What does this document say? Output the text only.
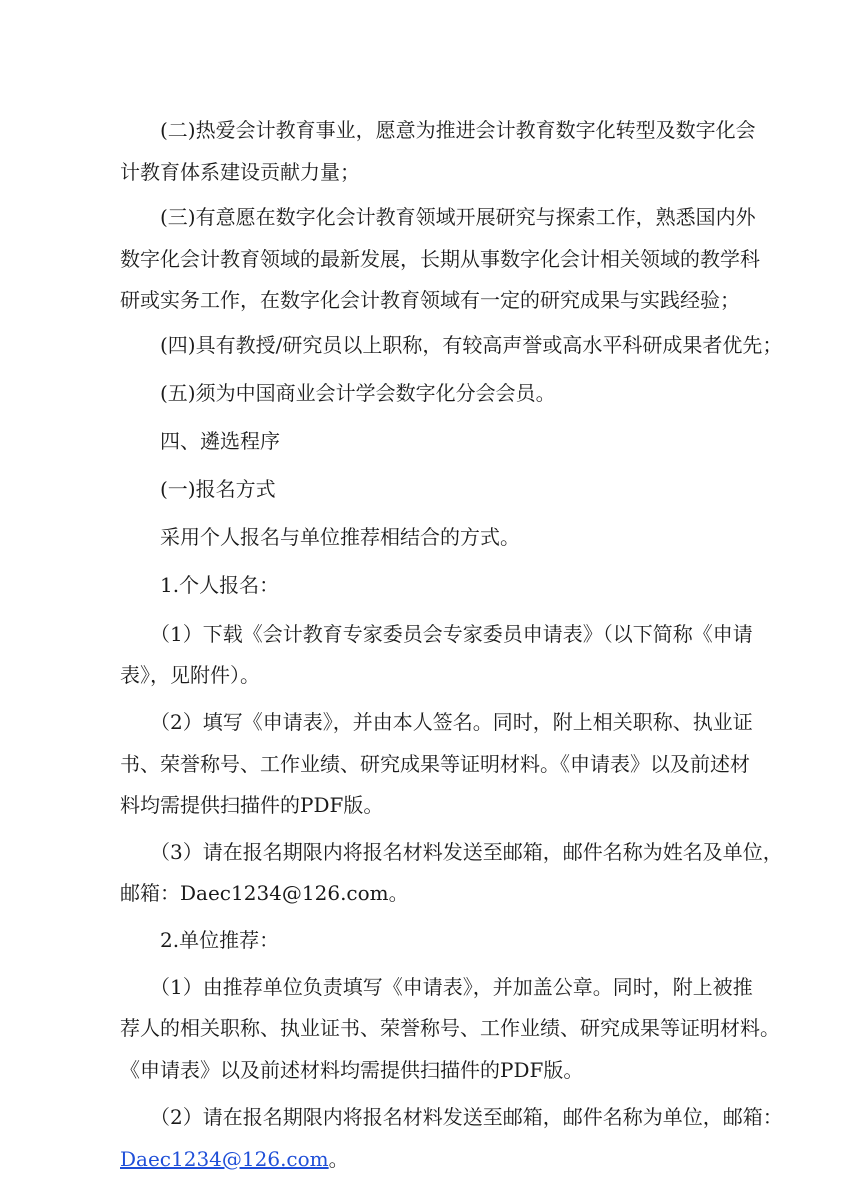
(二)热爱会计教育事业，愿意为推进会计教育数字化转型及数字化会

计教育体系建设贡献力量；

(三)有意愿在数字化会计教育领域开展研究与探索工作，熟悉国内外

数字化会计教育领域的最新发展，长期从事数字化会计相关领域的教学科

研或实务工作，在数字化会计教育领域有一定的研究成果与实践经验；

(四)具有教授/研究员以上职称，有较高声誉或高水平科研成果者优先；

(五)须为中国商业会计学会数字化分会会员。

四、遴选程序

(一)报名方式

采用个人报名与单位推荐相结合的方式。

1.个人报名：

（1）下载《会计教育专家委员会专家委员申请表》（以下简称《申请

表》，见附件）。

（2）填写《申请表》，并由本人签名。同时，附上相关职称、执业证

书、荣誉称号、工作业绩、研究成果等证明材料。《申请表》以及前述材

料均需提供扫描件的PDF版。

（3）请在报名期限内将报名材料发送至邮箱，邮件名称为姓名及单位，

邮箱：Daec1234@126.com。

2.单位推荐：

（1）由推荐单位负责填写《申请表》，并加盖公章。同时，附上被推

荐人的相关职称、执业证书、荣誉称号、工作业绩、研究成果等证明材料。

《申请表》以及前述材料均需提供扫描件的PDF版。

（2）请在报名期限内将报名材料发送至邮箱，邮件名称为单位，邮箱：

Daec1234@126.com。
